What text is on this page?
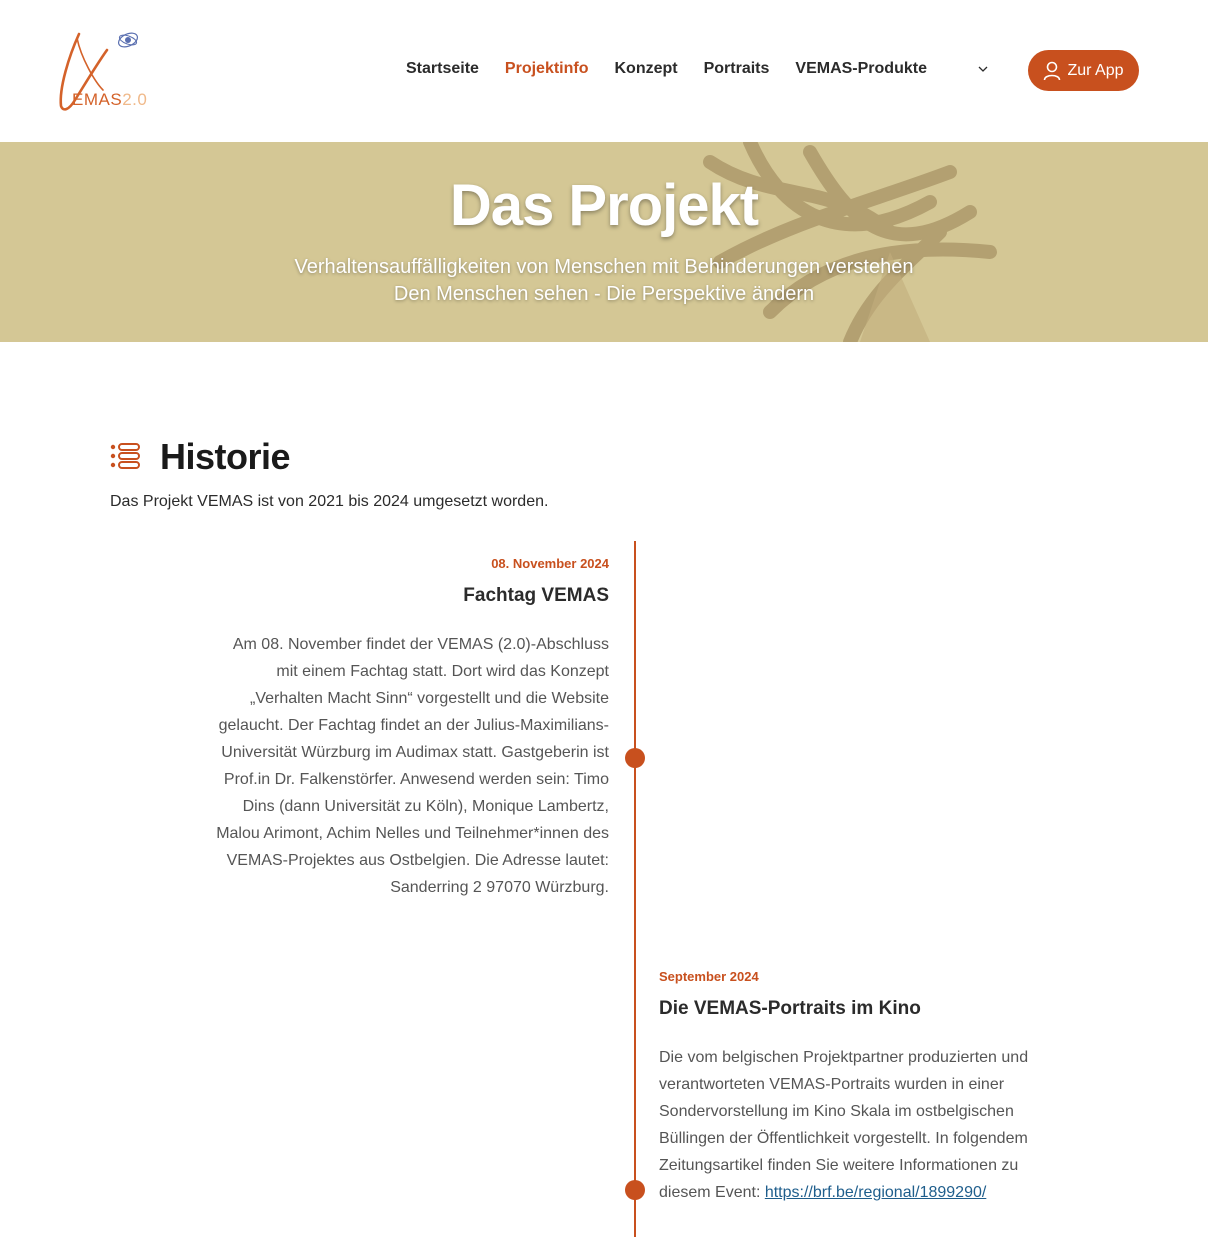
EMAS2.0
Startseite Projektinfo Konzept Portraits VEMAS-Produkte	Zur App
Das Projekt
Verhaltensauffälligkeiten von Menschen mit Behinderungen verstehen
Den Menschen sehen - Die Perspektive ändern
Historie
Das Projekt VEMAS ist von 2021 bis 2024 umgesetzt worden.
08. November 2024
Fachtag VEMAS
Am 08. November findet der VEMAS (2.0)-Abschluss mit einem Fachtag statt. Dort wird das Konzept „Verhalten Macht Sinn“ vorgestellt und die Website gelaucht. Der Fachtag findet an der Julius-Maximilians-Universität Würzburg im Audimax statt. Gastgeberin ist Prof.in Dr. Falkenstörfer. Anwesend werden sein: Timo Dins (dann Universität zu Köln), Monique Lambertz, Malou Arimont, Achim Nelles und Teilnehmer*innen des VEMAS-Projektes aus Ostbelgien. Die Adresse lautet: Sanderring 2 97070 Würzburg.
September 2024
Die VEMAS-Portraits im Kino
Die vom belgischen Projektpartner produzierten und verantworteten VEMAS-Portraits wurden in einer Sondervorstellung im Kino Skala im ostbelgischen Büllingen der Öffentlichkeit vorgestellt. In folgendem Zeitungsartikel finden Sie weitere Informationen zu diesem Event: https://brf.be/regional/1899290/
